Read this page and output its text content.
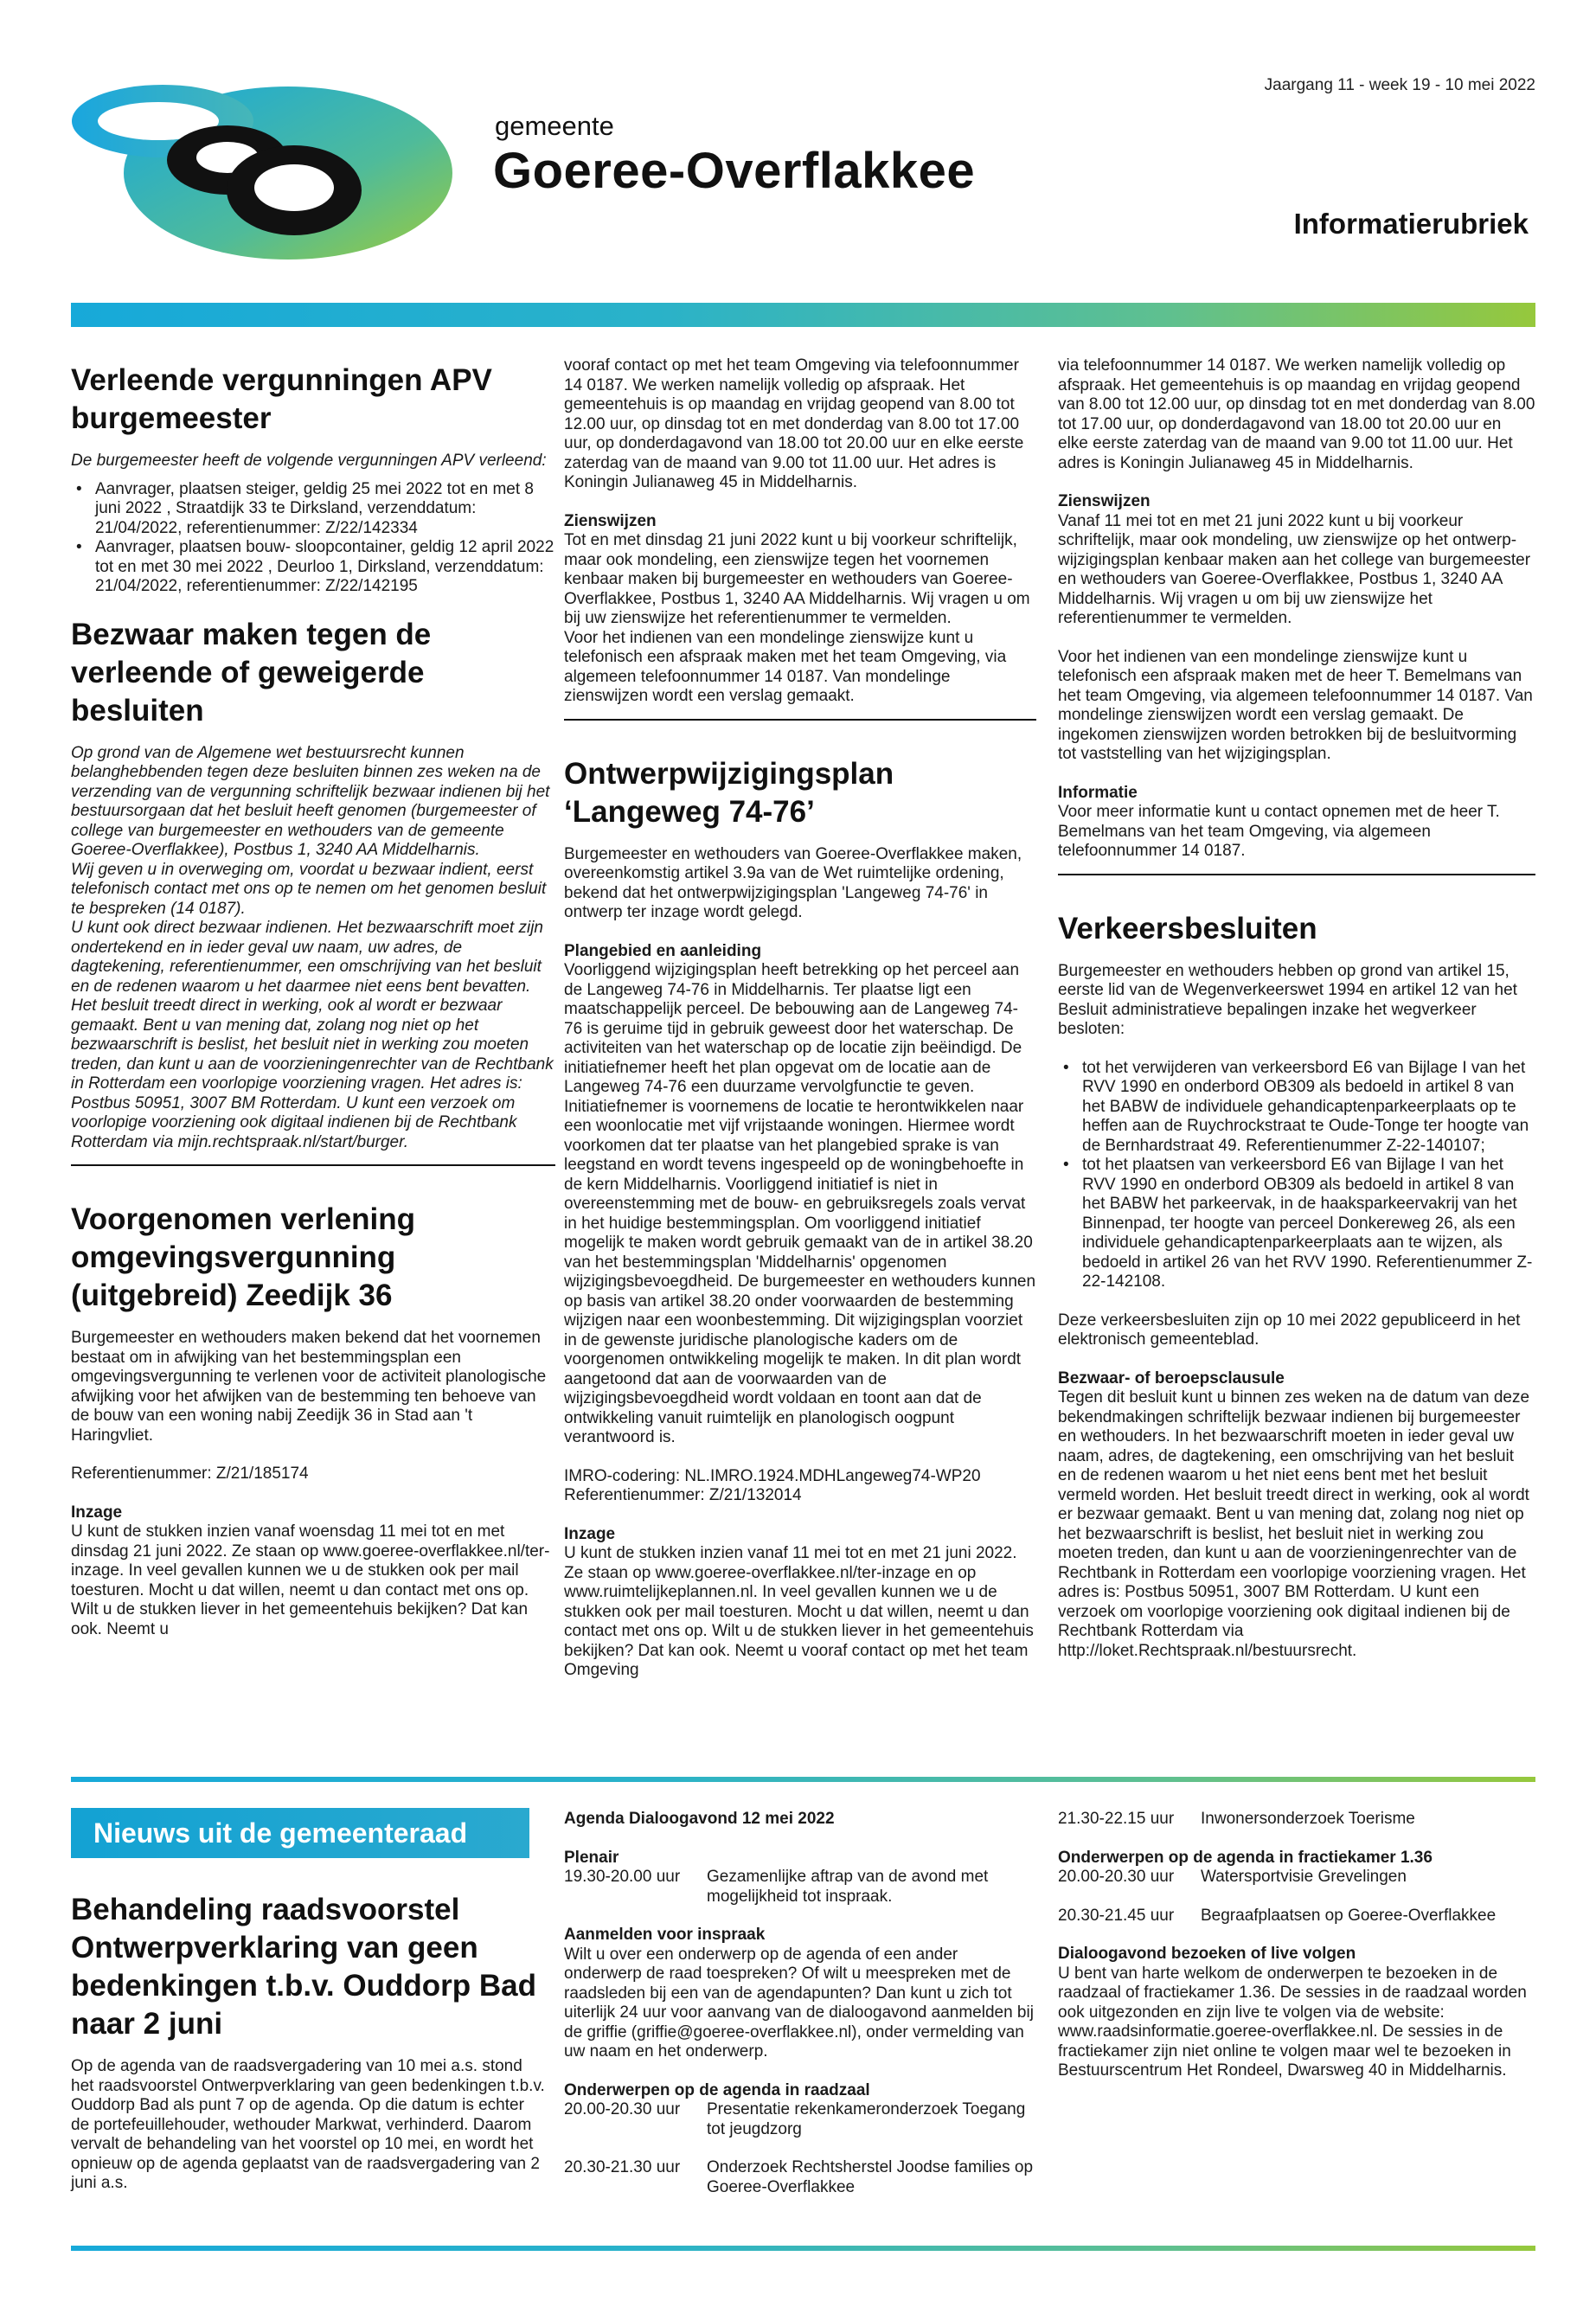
gemeente
Goeree-Overflakkee
Jaargang 11 - week 19 - 10 mei 2022
Informatierubriek
Verleende vergunningen APV burgemeester
De burgemeester heeft de volgende vergunningen APV verleend:
• Aanvrager, plaatsen steiger, geldig 25 mei 2022 tot en met 8 juni 2022 , Straatdijk 33 te Dirksland, verzenddatum: 21/04/2022, referentienummer: Z/22/142334
• Aanvrager, plaatsen bouw- sloopcontainer, geldig 12 april 2022 tot en met 30 mei 2022 , Deurloo 1, Dirksland, verzenddatum: 21/04/2022, referentienummer: Z/22/142195
Bezwaar maken tegen de verleende of geweigerde besluiten
Op grond van de Algemene wet bestuursrecht kunnen belanghebbenden tegen deze besluiten binnen zes weken na de verzending van de vergunning schriftelijk bezwaar indienen bij het bestuursorgaan dat het besluit heeft genomen (burgemeester of college van burgemeester en wethouders van de gemeente Goeree-Overflakkee), Postbus 1, 3240 AA Middelharnis.
Wij geven u in overweging om, voordat u bezwaar indient, eerst telefonisch contact met ons op te nemen om het genomen besluit te bespreken (14 0187).
U kunt ook direct bezwaar indienen. Het bezwaarschrift moet zijn ondertekend en in ieder geval uw naam, uw adres, de dagtekening, referentienummer, een omschrijving van het besluit en de redenen waarom u het daarmee niet eens bent bevatten.
Het besluit treedt direct in werking, ook al wordt er bezwaar gemaakt. Bent u van mening dat, zolang nog niet op het bezwaarschrift is beslist, het besluit niet in werking zou moeten treden, dan kunt u aan de voorzieningenrechter van de Rechtbank in Rotterdam een voorlopige voorziening vragen. Het adres is: Postbus 50951, 3007 BM Rotterdam. U kunt een verzoek om voorlopige voorziening ook digitaal indienen bij de Rechtbank Rotterdam via mijn.rechtspraak.nl/start/burger.
Voorgenomen verlening omgevingsvergunning (uitgebreid) Zeedijk 36
Burgemeester en wethouders maken bekend dat het voornemen bestaat om in afwijking van het bestemmingsplan een omgevingsvergunning te verlenen voor de activiteit planologische afwijking voor het afwijken van de bestemming ten behoeve van de bouw van een woning nabij Zeedijk 36 in Stad aan 't Haringvliet.
Referentienummer: Z/21/185174
Inzage
U kunt de stukken inzien vanaf woensdag 11 mei tot en met dinsdag 21 juni 2022. Ze staan op www.goeree-overflakkee.nl/ter-inzage. In veel gevallen kunnen we u de stukken ook per mail toesturen. Mocht u dat willen, neemt u dan contact met ons op. Wilt u de stukken liever in het gemeentehuis bekijken? Dat kan ook. Neemt u
vooraf contact op met het team Omgeving via telefoonnummer 14 0187. We werken namelijk volledig op afspraak. Het gemeentehuis is op maandag en vrijdag geopend van 8.00 tot 12.00 uur, op dinsdag tot en met donderdag van 8.00 tot 17.00 uur, op donderdagavond van 18.00 tot 20.00 uur en elke eerste zaterdag van de maand van 9.00 tot 11.00 uur. Het adres is Koningin Julianaweg 45 in Middelharnis.
Zienswijzen
Tot en met dinsdag 21 juni 2022 kunt u bij voorkeur schriftelijk, maar ook mondeling, een zienswijze tegen het voornemen kenbaar maken bij burgemeester en wethouders van Goeree-Overflakkee, Postbus 1, 3240 AA Middelharnis. Wij vragen u om bij uw zienswijze het referentienummer te vermelden.
Voor het indienen van een mondelinge zienswijze kunt u telefonisch een afspraak maken met het team Omgeving, via algemeen telefoonnummer 14 0187. Van mondelinge zienswijzen wordt een verslag gemaakt.
Ontwerpwijzigingsplan ‘Langeweg 74-76’
Burgemeester en wethouders van Goeree-Overflakkee maken, overeenkomstig artikel 3.9a van de Wet ruimtelijke ordening, bekend dat het ontwerpwijzigingsplan 'Langeweg 74-76' in ontwerp ter inzage wordt gelegd.
Plangebied en aanleiding
Voorliggend wijzigingsplan heeft betrekking op het perceel aan de Langeweg 74-76 in Middelharnis. Ter plaatse ligt een maatschappelijk perceel. De bebouwing aan de Langeweg 74-76 is geruime tijd in gebruik geweest door het waterschap. De activiteiten van het waterschap op de locatie zijn beëindigd. De initiatiefnemer heeft het plan opgevat om de locatie aan de Langeweg 74-76 een duurzame vervolgfunctie te geven. Initiatiefnemer is voornemens de locatie te herontwikkelen naar een woonlocatie met vijf vrijstaande woningen. Hiermee wordt voorkomen dat ter plaatse van het plangebied sprake is van leegstand en wordt tevens ingespeeld op de woningbehoefte in de kern Middelharnis. Voorliggend initiatief is niet in overeenstemming met de bouw- en gebruiksregels zoals vervat in het huidige bestemmingsplan. Om voorliggend initiatief mogelijk te maken wordt gebruik gemaakt van de in artikel 38.20 van het bestemmingsplan 'Middelharnis' opgenomen wijzigingsbevoegdheid. De burgemeester en wethouders kunnen op basis van artikel 38.20 onder voorwaarden de bestemming wijzigen naar een woonbestemming. Dit wijzigingsplan voorziet in de gewenste juridische planologische kaders om de voorgenomen ontwikkeling mogelijk te maken. In dit plan wordt aangetoond dat aan de voorwaarden van de wijzigingsbevoegdheid wordt voldaan en toont aan dat de ontwikkeling vanuit ruimtelijk en planologisch oogpunt verantwoord is.
IMRO-codering: NL.IMRO.1924.MDHLangeweg74-WP20
Referentienummer: Z/21/132014
Inzage
U kunt de stukken inzien vanaf 11 mei tot en met 21 juni 2022. Ze staan op www.goeree-overflakkee.nl/ter-inzage en op www.ruimtelijkeplannen.nl. In veel gevallen kunnen we u de stukken ook per mail toesturen. Mocht u dat willen, neemt u dan contact met ons op. Wilt u de stukken liever in het gemeentehuis bekijken? Dat kan ook. Neemt u vooraf contact op met het team Omgeving
via telefoonnummer 14 0187. We werken namelijk volledig op afspraak. Het gemeentehuis is op maandag en vrijdag geopend van 8.00 tot 12.00 uur, op dinsdag tot en met donderdag van 8.00 tot 17.00 uur, op donderdagavond van 18.00 tot 20.00 uur en elke eerste zaterdag van de maand van 9.00 tot 11.00 uur. Het adres is Koningin Julianaweg 45 in Middelharnis.
Zienswijzen
Vanaf 11 mei tot en met 21 juni 2022 kunt u bij voorkeur schriftelijk, maar ook mondeling, uw zienswijze op het ontwerp-wijzigingsplan kenbaar maken aan het college van burgemeester en wethouders van Goeree-Overflakkee, Postbus 1, 3240 AA Middelharnis. Wij vragen u om bij uw zienswijze het referentienummer te vermelden.
Voor het indienen van een mondelinge zienswijze kunt u telefonisch een afspraak maken met de heer T. Bemelmans van het team Omgeving, via algemeen telefoonnummer 14 0187. Van mondelinge zienswijzen wordt een verslag gemaakt. De ingekomen zienswijzen worden betrokken bij de besluitvorming tot vaststelling van het wijzigingsplan.
Informatie
Voor meer informatie kunt u contact opnemen met de heer T. Bemelmans van het team Omgeving, via algemeen telefoonnummer 14 0187.
Verkeersbesluiten
Burgemeester en wethouders hebben op grond van artikel 15, eerste lid van de Wegenverkeerswet 1994 en artikel 12 van het Besluit administratieve bepalingen inzake het wegverkeer besloten:
• tot het verwijderen van verkeersbord E6 van Bijlage I van het RVV 1990 en onderbord OB309 als bedoeld in artikel 8 van het BABW de individuele gehandicaptenparkeerplaats op te heffen aan de Ruychrockstraat te Oude-Tonge ter hoogte van de Bernhardstraat 49. Referentienummer Z-22-140107;
• tot het plaatsen van verkeersbord E6 van Bijlage I van het RVV 1990 en onderbord OB309 als bedoeld in artikel 8 van het BABW het parkeervak, in de haaksparkeervakrij van het Binnenpad, ter hoogte van perceel Donkereweg 26, als een individuele gehandicaptenparkeerplaats aan te wijzen, als bedoeld in artikel 26 van het RVV 1990. Referentienummer Z-22-142108.
Deze verkeersbesluiten zijn op 10 mei 2022 gepubliceerd in het elektronisch gemeenteblad.
Bezwaar- of beroepsclausule
Tegen dit besluit kunt u binnen zes weken na de datum van deze bekendmakingen schriftelijk bezwaar indienen bij burgemeester en wethouders. In het bezwaarschrift moeten in ieder geval uw naam, adres, de dagtekening, een omschrijving van het besluit en de redenen waarom u het niet eens bent met het besluit vermeld worden. Het besluit treedt direct in werking, ook al wordt er bezwaar gemaakt. Bent u van mening dat, zolang nog niet op het bezwaarschrift is beslist, het besluit niet in werking zou moeten treden, dan kunt u aan de voorzieningenrechter van de Rechtbank in Rotterdam een voorlopige voorziening vragen. Het adres is: Postbus 50951, 3007 BM Rotterdam. U kunt een verzoek om voorlopige voorziening ook digitaal indienen bij de Rechtbank Rotterdam via http://loket.Rechtspraak.nl/bestuursrecht.
Nieuws uit de gemeenteraad
Behandeling raadsvoorstel Ontwerpverklaring van geen bedenkingen t.b.v. Ouddorp Bad naar 2 juni
Op de agenda van de raadsvergadering van 10 mei a.s. stond het raadsvoorstel Ontwerpverklaring van geen bedenkingen t.b.v. Ouddorp Bad als punt 7 op de agenda. Op die datum is echter de portefeuillehouder, wethouder Markwat, verhinderd. Daarom vervalt de behandeling van het voorstel op 10 mei, en wordt het opnieuw op de agenda geplaatst van de raadsvergadering van 2 juni a.s.
Agenda Dialoogavond 12 mei 2022
Plenair
19.30-20.00 uur	Gezamenlijke aftrap van de avond met mogelijkheid tot inspraak.
Aanmelden voor inspraak
Wilt u over een onderwerp op de agenda of een ander onderwerp de raad toespreken? Of wilt u meespreken met de raadsleden bij een van de agendapunten? Dan kunt u zich tot uiterlijk 24 uur voor aanvang van de dialoogavond aanmelden bij de griffie (griffie@goeree-overflakkee.nl), onder vermelding van uw naam en het onderwerp.
Onderwerpen op de agenda in raadzaal
20.00-20.30 uur	Presentatie rekenkameronderzoek Toegang tot jeugdzorg
20.30-21.30 uur	Onderzoek Rechtsherstel Joodse families op Goeree-Overflakkee
21.30-22.15 uur	Inwonersonderzoek Toerisme
Onderwerpen op de agenda in fractiekamer 1.36
20.00-20.30 uur	Watersportvisie Grevelingen
20.30-21.45 uur	Begraafplaatsen op Goeree-Overflakkee
Dialoogavond bezoeken of live volgen
U bent van harte welkom de onderwerpen te bezoeken in de raadzaal of fractiekamer 1.36. De sessies in de raadzaal worden ook uitgezonden en zijn live te volgen via de website: www.raadsinformatie.goeree-overflakkee.nl. De sessies in de fractiekamer zijn niet online te volgen maar wel te bezoeken in Bestuurscentrum Het Rondeel, Dwarsweg 40 in Middelharnis.
